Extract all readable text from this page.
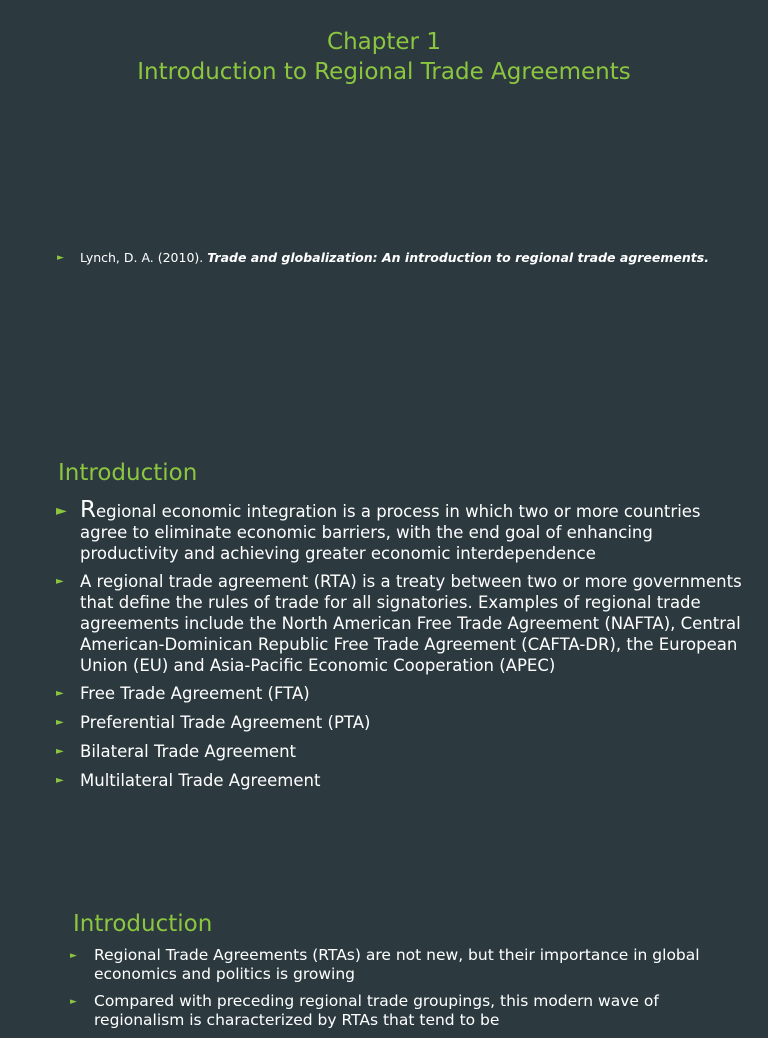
Chapter 1
Introduction to Regional Trade Agreements
► Lynch, D. A. (2010). Trade and globalization: An introduction to regional trade agreements.
Introduction
► Regional economic integration is a process in which two or more countries agree to eliminate economic barriers, with the end goal of enhancing productivity and achieving greater economic interdependence
► A regional trade agreement (RTA) is a treaty between two or more governments that define the rules of trade for all signatories. Examples of regional trade agreements include the North American Free Trade Agreement (NAFTA), Central American-Dominican Republic Free Trade Agreement (CAFTA-DR), the European Union (EU) and Asia-Pacific Economic Cooperation (APEC)
► Free Trade Agreement (FTA)
► Preferential Trade Agreement (PTA)
► Bilateral Trade Agreement
► Multilateral Trade Agreement
Introduction
► Regional Trade Agreements (RTAs) are not new, but their importance in global economics and politics is growing
► Compared with preceding regional trade groupings, this modern wave of regionalism is characterized by RTAs that tend to be
